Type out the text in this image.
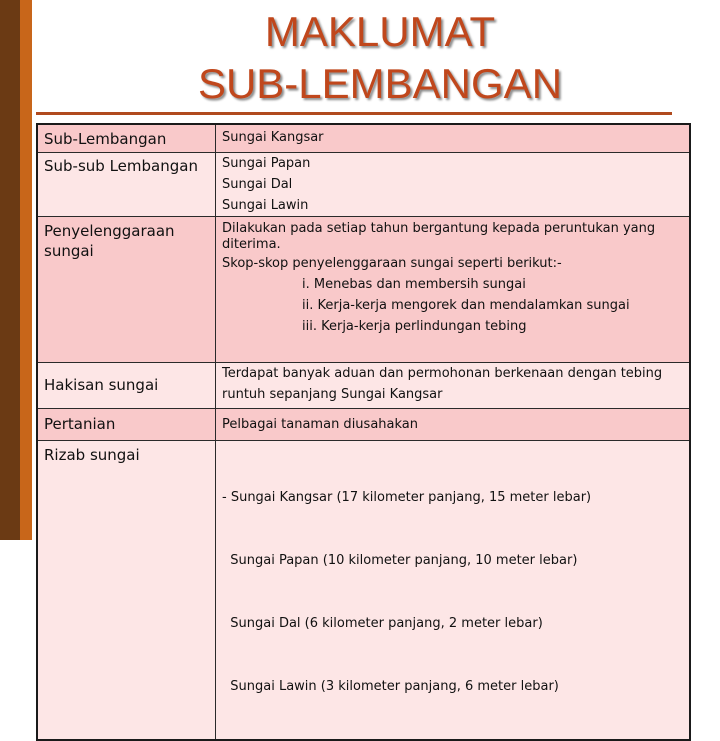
MAKLUMAT
SUB-LEMBANGAN
Sub-Lembangan	Sungai Kangsar

Sub-sub Lembangan	Sungai Papan
Sungai Dal
Sungai Lawin

Penyelenggaraan sungai	Dilakukan pada setiap tahun bergantung kepada peruntukan yang diterima.
Skop-skop penyelenggaraan sungai seperti berikut:-
i. Menebas dan membersih sungai
ii. Kerja-kerja mengorek dan mendalamkan sungai
iii. Kerja-kerja perlindungan tebing

Hakisan sungai	Terdapat banyak aduan dan permohonan berkenaan dengan tebing runtuh sepanjang Sungai Kangsar

Pertanian	Pelbagai tanaman diusahakan

Rizab sungai	- Sungai Kangsar (17 kilometer panjang, 15 meter lebar)

Sungai Papan (10 kilometer panjang, 10 meter lebar)

Sungai Dal (6 kilometer panjang, 2 meter lebar)

Sungai Lawin (3 kilometer panjang, 6 meter lebar)
